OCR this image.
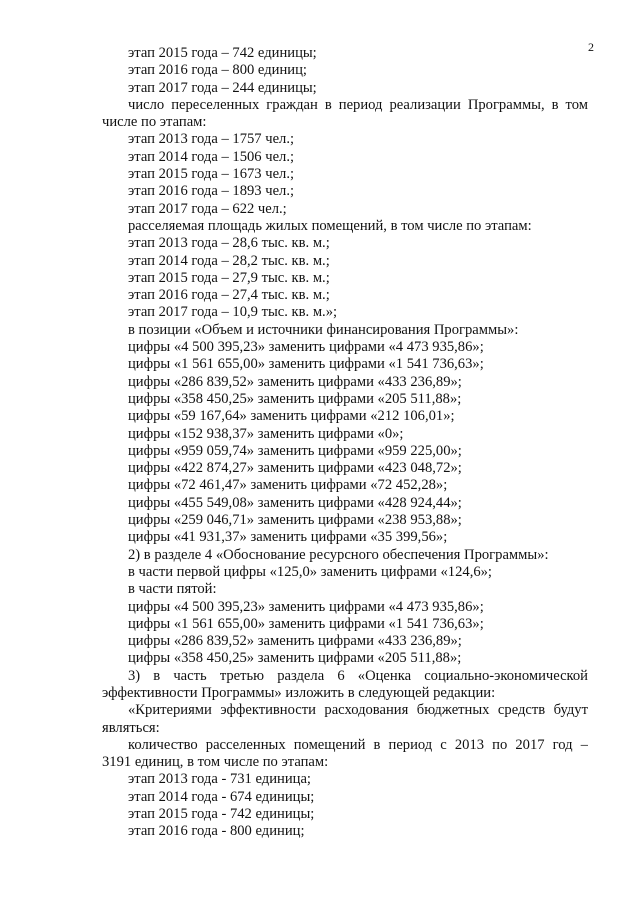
2
этап 2015 года – 742 единицы;
этап 2016 года – 800 единиц;
этап 2017 года – 244 единицы;
число переселенных граждан в период реализации Программы, в том
числе по этапам:
этап 2013 года – 1757 чел.;
этап 2014 года – 1506 чел.;
этап 2015 года – 1673 чел.;
этап 2016 года – 1893 чел.;
этап 2017 года – 622 чел.;
расселяемая площадь жилых помещений, в том числе по этапам:
этап 2013 года – 28,6 тыс. кв. м.;
этап 2014 года – 28,2 тыс. кв. м.;
этап 2015 года – 27,9 тыс. кв. м.;
этап 2016 года – 27,4 тыс. кв. м.;
этап 2017 года – 10,9 тыс. кв. м.»;
в позиции «Объем и источники финансирования Программы»:
цифры «4 500 395,23» заменить цифрами «4 473 935,86»;
цифры «1 561 655,00» заменить цифрами «1 541 736,63»;
цифры «286 839,52» заменить цифрами «433 236,89»;
цифры «358 450,25» заменить цифрами «205 511,88»;
цифры «59 167,64» заменить цифрами «212 106,01»;
цифры «152 938,37» заменить цифрами «0»;
цифры «959 059,74» заменить цифрами «959 225,00»;
цифры «422 874,27» заменить цифрами «423 048,72»;
цифры «72 461,47» заменить цифрами «72 452,28»;
цифры «455 549,08» заменить цифрами «428 924,44»;
цифры «259 046,71» заменить цифрами «238 953,88»;
цифры «41 931,37» заменить цифрами «35 399,56»;
2) в разделе 4 «Обоснование ресурсного обеспечения Программы»:
в части первой цифры «125,0» заменить цифрами «124,6»;
в части пятой:
цифры «4 500 395,23» заменить цифрами «4 473 935,86»;
цифры «1 561 655,00» заменить цифрами «1 541 736,63»;
цифры «286 839,52» заменить цифрами «433 236,89»;
цифры «358 450,25» заменить цифрами «205 511,88»;
3) в часть третью раздела 6 «Оценка социально-экономической
эффективности Программы» изложить в следующей редакции:
«Критериями эффективности расходования бюджетных средств будут
являться:
количество расселенных помещений в период с 2013 по 2017 год –
3191 единиц, в том числе по этапам:
этап 2013 года - 731 единица;
этап 2014 года - 674 единицы;
этап 2015 года - 742 единицы;
этап 2016 года - 800 единиц;
